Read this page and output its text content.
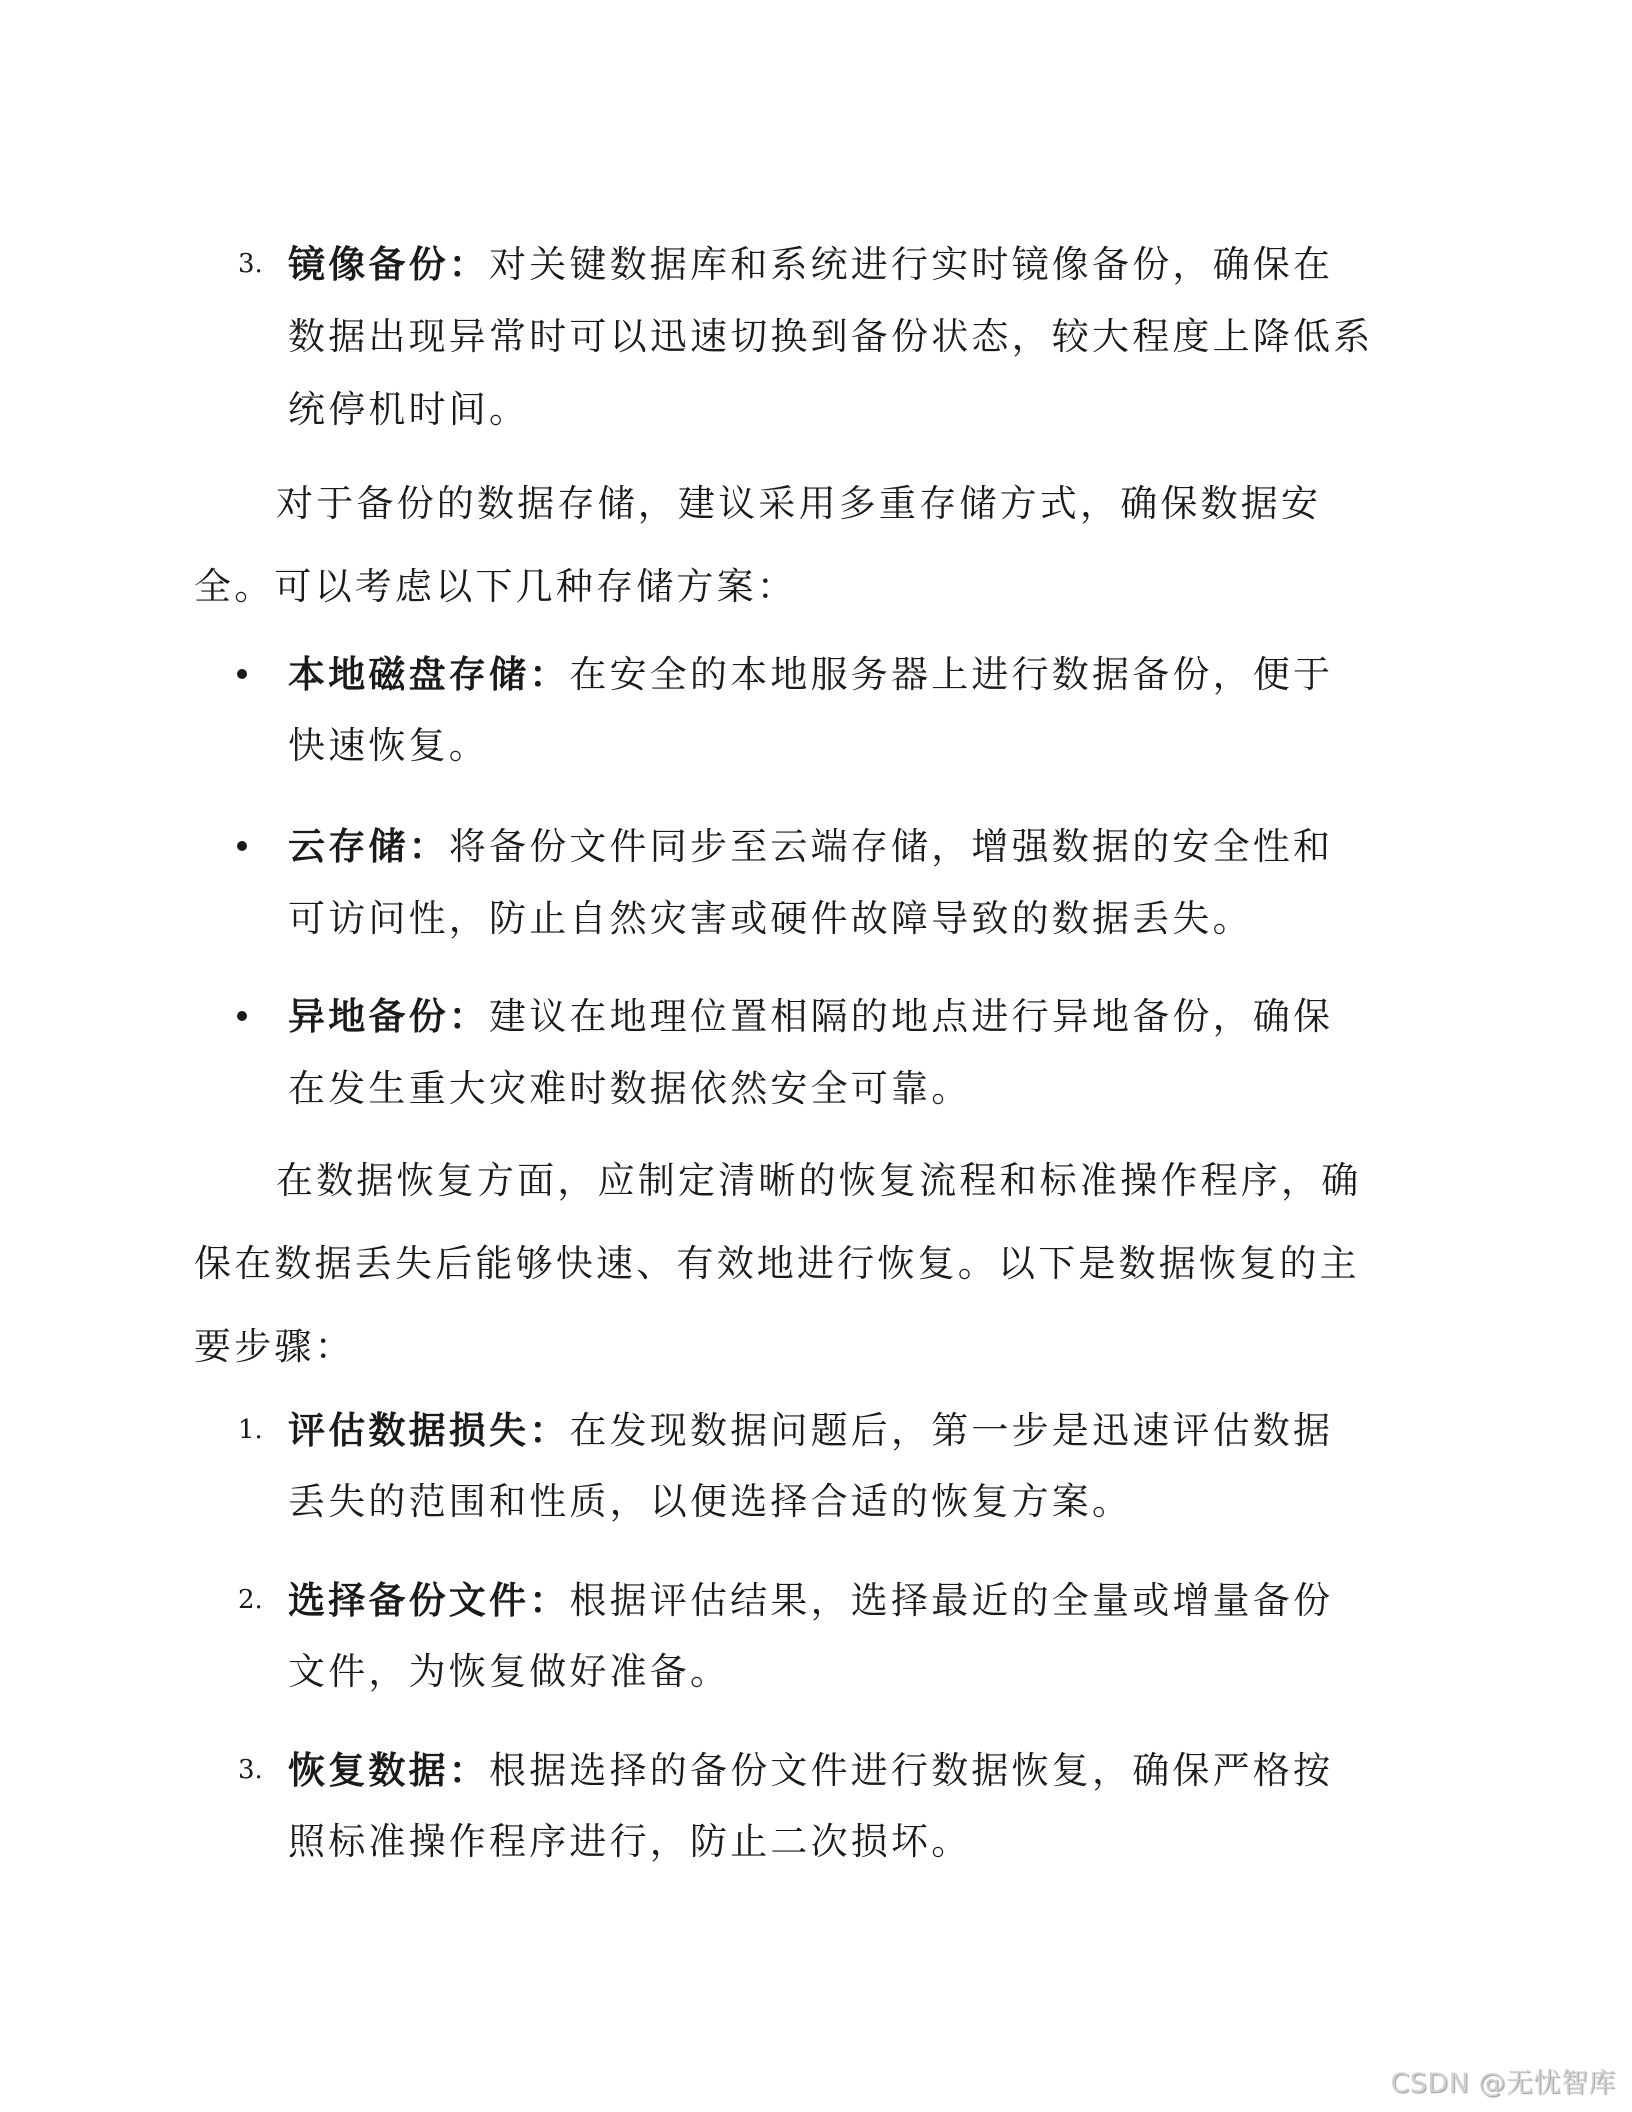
3. 镜像备份：对关键数据库和系统进行实时镜像备份，确保在
数据出现异常时可以迅速切换到备份状态，较大程度上降低系
统停机时间。
对于备份的数据存储，建议采用多重存储方式，确保数据安
全。可以考虑以下几种存储方案：
本地磁盘存储：在安全的本地服务器上进行数据备份，便于
快速恢复。
云存储：将备份文件同步至云端存储，增强数据的安全性和
可访问性，防止自然灾害或硬件故障导致的数据丢失。
异地备份：建议在地理位置相隔的地点进行异地备份，确保
在发生重大灾难时数据依然安全可靠。
在数据恢复方面，应制定清晰的恢复流程和标准操作程序，确
保在数据丢失后能够快速、有效地进行恢复。以下是数据恢复的主
要步骤：
1. 评估数据损失：在发现数据问题后，第一步是迅速评估数据
丢失的范围和性质，以便选择合适的恢复方案。
2. 选择备份文件：根据评估结果，选择最近的全量或增量备份
文件，为恢复做好准备。
3. 恢复数据：根据选择的备份文件进行数据恢复，确保严格按
照标准操作程序进行，防止二次损坏。
CSDN @无忧智库
